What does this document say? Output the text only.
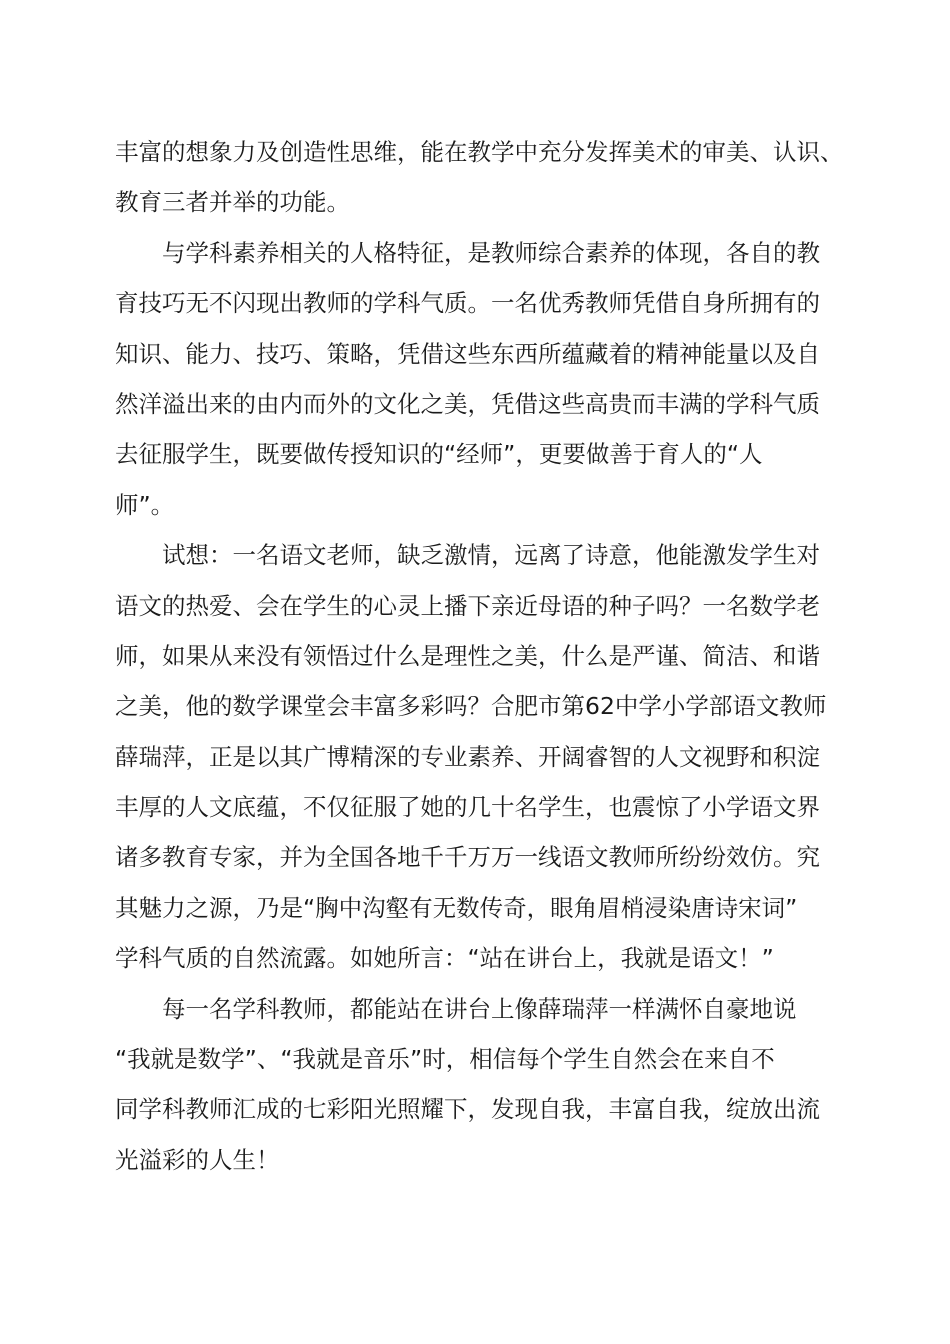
丰富的想象力及创造性思维，能在教学中充分发挥美术的审美、认识、
教育三者并举的功能。
与学科素养相关的人格特征，是教师综合素养的体现，各自的教
育技巧无不闪现出教师的学科气质。一名优秀教师凭借自身所拥有的
知识、能力、技巧、策略，凭借这些东西所蕴藏着的精神能量以及自
然洋溢出来的由内而外的文化之美，凭借这些高贵而丰满的学科气质
去征服学生，既要做传授知识的“经师”，更要做善于育人的“人
师”。
试想：一名语文老师，缺乏激情，远离了诗意，他能激发学生对
语文的热爱、会在学生的心灵上播下亲近母语的种子吗？一名数学老
师，如果从来没有领悟过什么是理性之美，什么是严谨、简洁、和谐
之美，他的数学课堂会丰富多彩吗？合肥市第62中学小学部语文教师
薛瑞萍，正是以其广博精深的专业素养、开阔睿智的人文视野和积淀
丰厚的人文底蕴，不仅征服了她的几十名学生，也震惊了小学语文界
诸多教育专家，并为全国各地千千万万一线语文教师所纷纷效仿。究
其魅力之源，乃是“胸中沟壑有无数传奇，眼角眉梢浸染唐诗宋词”
学科气质的自然流露。如她所言：“站在讲台上，我就是语文！”
每一名学科教师，都能站在讲台上像薛瑞萍一样满怀自豪地说
“我就是数学”、“我就是音乐”时，相信每个学生自然会在来自不
同学科教师汇成的七彩阳光照耀下，发现自我，丰富自我，绽放出流
光溢彩的人生！
